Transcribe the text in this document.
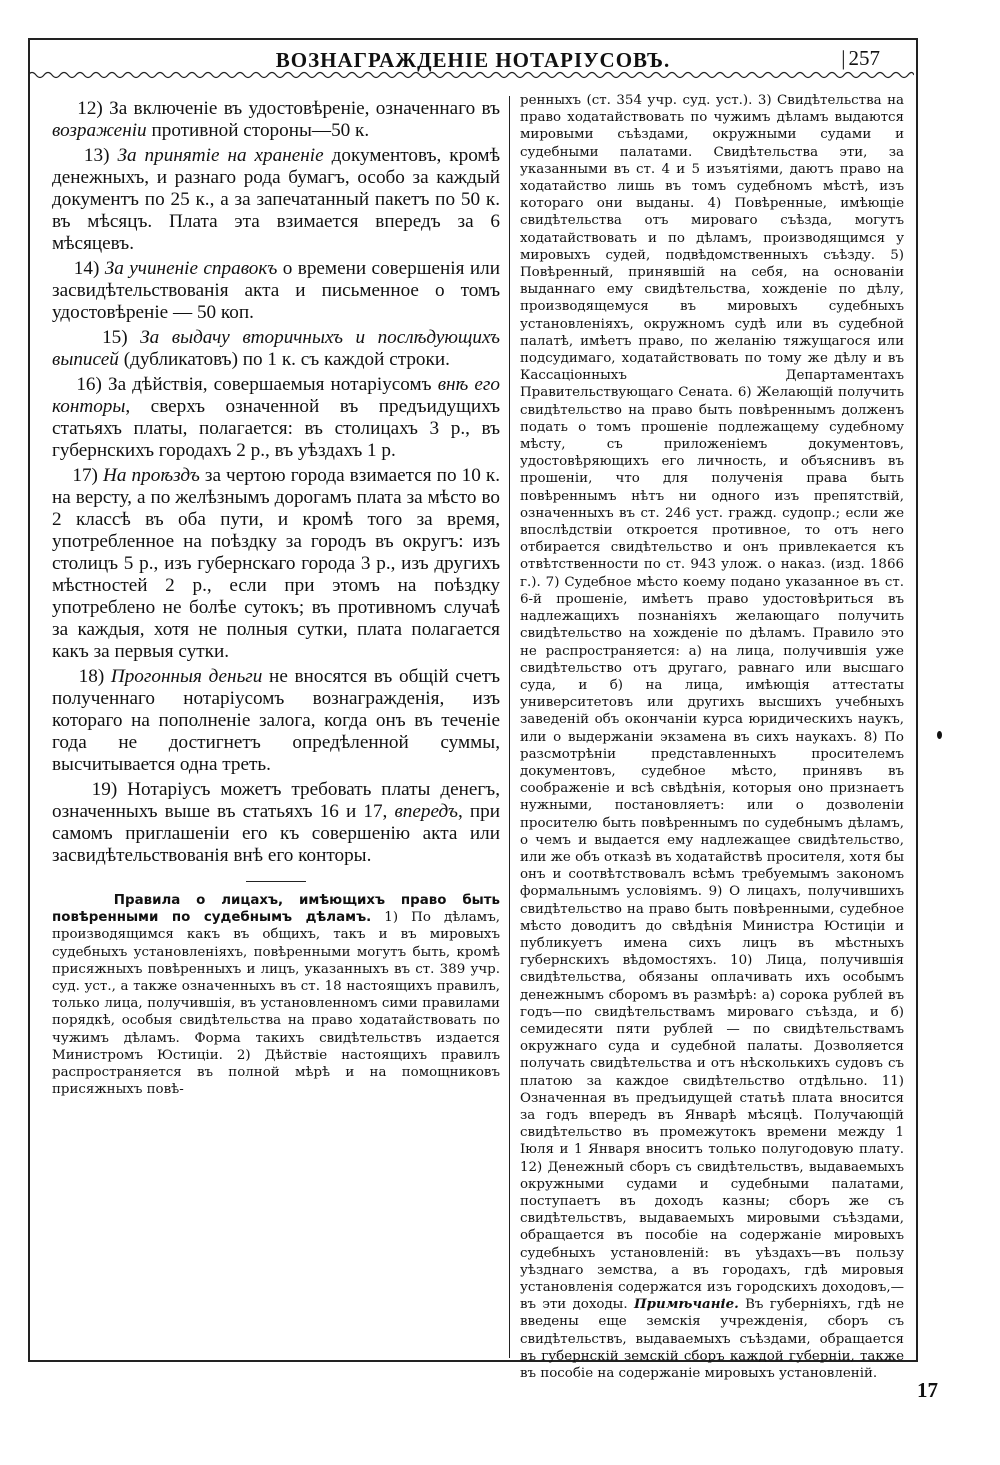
ВОЗНАГРАЖДЕНІЕ НОТАРІУСОВЪ.
|	257

12) За включеніе въ удостовѣреніе, означеннаго въ возраженіи противной стороны—50 к.

13) За принятіе на храненіе документовъ, кромѣ денежныхъ, и разнаго рода бумагъ, особо за каждый документъ по 25 к., а за запечатанный пакетъ по 50 к. въ мѣсяцъ. Плата эта взимается впередъ за 6 мѣсяцевъ.

14) За учиненіе справокъ о времени совершенія или засвидѣтельствованія акта и письменное о томъ удостовѣреніе — 50 коп.

15) За выдачу вторичныхъ и послѣдующихъ выписей (дубликатовъ) по 1 к. съ каждой строки.

16) За дѣйствія, совершаемыя нотаріусомъ внѣ его конторы, сверхъ означенной въ предъидущихъ статьяхъ платы, полагается: въ столицахъ 3 р., въ губернскихъ городахъ 2 р., въ уѣздахъ 1 р.

17) На проѣздъ за чертою города взимается по 10 к. на версту, а по желѣзнымъ дорогамъ плата за мѣсто во 2 классѣ въ оба пути, и кромѣ того за время, употребленное на поѣздку за городъ въ округъ: изъ столицъ 5 р., изъ губернскаго города 3 р., изъ другихъ мѣстностей 2 р., если при этомъ на поѣздку употреблено не болѣе сутокъ; въ противномъ случаѣ за каждыя, хотя не полныя сутки, плата полагается какъ за первыя сутки.

18) Прогонныя деньги не вносятся въ общій счетъ полученнаго нотаріусомъ вознагражденія, изъ котораго на пополненіе залога, когда онъ въ теченіе года не достигнетъ опредѣленной суммы, высчитывается одна треть.

19) Нотаріусъ можетъ требовать платы денегъ, означенныхъ выше въ статьяхъ 16 и 17, впередъ, при самомъ приглашеніи его къ совершенію акта или засвидѣтельствованія внѣ его конторы.

Правила о лицахъ, имѣющихъ право быть повѣренными по судебнымъ дѣламъ. 1) По дѣламъ, производящимся какъ въ общихъ, такъ и въ мировыхъ судебныхъ установленіяхъ, повѣренными могутъ быть, кромѣ присяжныхъ повѣренныхъ и лицъ, указанныхъ въ ст. 389 учр. суд. уст., а также означенныхъ въ ст. 18 настоящихъ правилъ, только лица, получившія, въ установленномъ сими правилами порядкѣ, особыя свидѣтельства на право ходатайствовать по чужимъ дѣламъ. Форма такихъ свидѣтельствъ издается Министромъ Юстиціи. 2) Дѣйствіе настоящихъ правилъ распространяется въ полной мѣрѣ и на помощниковъ присяжныхъ повѣ-

ренныхъ (ст. 354 учр. суд. уст.). 3) Свидѣтельства на право ходатайствовать по чужимъ дѣламъ выдаются мировыми съѣздами, окружными судами и судебными палатами. Свидѣтельства эти, за указанными въ ст. 4 и 5 изъятіями, даютъ право на ходатайство лишь въ томъ судебномъ мѣстѣ, изъ котораго они выданы. 4) Повѣренные, имѣющіе свидѣтельства отъ мироваго съѣзда, могутъ ходатайствовать и по дѣламъ, производящимся у мировыхъ судей, подвѣдомственныхъ съѣзду. 5) Повѣренный, принявшій на себя, на основаніи выданнаго ему свидѣтельства, хожденіе по дѣлу, производящемуся въ мировыхъ судебныхъ установленіяхъ, окружномъ судѣ или въ судебной палатѣ, имѣетъ право, по желанію тяжущагося или подсудимаго, ходатайствовать по тому же дѣлу и въ Кассаціонныхъ Департаментахъ Правительствующаго Сената. 6) Желающій получить свидѣтельство на право быть повѣреннымъ долженъ подать о томъ прошеніе подлежащему судебному мѣсту, съ приложеніемъ документовъ, удостовѣряющихъ его личность, и объяснивъ въ прошеніи, что для полученія права быть повѣреннымъ нѣтъ ни одного изъ препятствій, означенныхъ въ ст. 246 уст. гражд. судопр.; если же впослѣдствіи откроется противное, то отъ него отбирается свидѣтельство и онъ привлекается къ отвѣтственности по ст. 943 улож. о наказ. (изд. 1866 г.). 7) Судебное мѣсто коему подано указанное въ ст. 6-й прошеніе, имѣетъ право удостовѣриться въ надлежащихъ познаніяхъ желающаго получить свидѣтельство на хожденіе по дѣламъ. Правило это не распространяется: а) на лица, получившія уже свидѣтельство отъ другаго, равнаго или высшаго суда, и б) на лица, имѣющія аттестаты университетовъ или другихъ высшихъ учебныхъ заведеній объ окончаніи курса юридическихъ наукъ, или о выдержаніи экзамена въ сихъ наукахъ. 8) По разсмотрѣніи представленныхъ просителемъ документовъ, судебное мѣсто, принявъ въ соображеніе и всѣ свѣдѣнія, которыя оно признаетъ нужными, постановляетъ: или о дозволеніи просителю быть повѣреннымъ по судебнымъ дѣламъ, о чемъ и выдается ему надлежащее свидѣтельство, или же объ отказѣ въ ходатайствѣ просителя, хотя бы онъ и соотвѣтствовалъ всѣмъ требуемымъ закономъ формальнымъ условіямъ. 9) О лицахъ, получившихъ свидѣтельство на право быть повѣренными, судебное мѣсто доводитъ до свѣдѣнія Министра Юстиціи и публикуетъ имена сихъ лицъ въ мѣстныхъ губернскихъ вѣдомостяхъ. 10) Лица, получившія свидѣтельства, обязаны оплачивать ихъ особымъ денежнымъ сборомъ въ размѣрѣ: а) сорока рублей въ годъ—по свидѣтельствамъ мироваго съѣзда, и б) семидесяти пяти рублей — по свидѣтельствамъ окружнаго суда и судебной палаты. Дозволяется получать свидѣтельства и отъ нѣсколькихъ судовъ съ платою за каждое свидѣтельство отдѣльно. 11) Означенная въ предъидущей статьѣ плата вносится за годъ впередъ въ Январѣ мѣсяцѣ. Получающій свидѣтельство въ промежутокъ времени между 1 Іюля и 1 Января вноситъ только полугодовую плату. 12) Денежный сборъ съ свидѣтельствъ, выдаваемыхъ окружными судами и судебными палатами, поступаетъ въ доходъ казны; сборъ же съ свидѣтельствъ, выдаваемыхъ мировыми съѣздами, обращается въ пособіе на содержаніе мировыхъ судебныхъ установленій: въ уѣздахъ—въ пользу уѣзднаго земства, а въ городахъ, гдѣ мировыя установленія содержатся изъ городскихъ доходовъ,—въ эти доходы. Примѣчаніе. Въ губерніяхъ, гдѣ не введены еще земскія учрежденія, сборъ съ свидѣтельствъ, выдаваемыхъ съѣздами, обращается въ губернскій земскій сборъ каждой губерніи, также въ пособіе на содержаніе мировыхъ установленій.

17
